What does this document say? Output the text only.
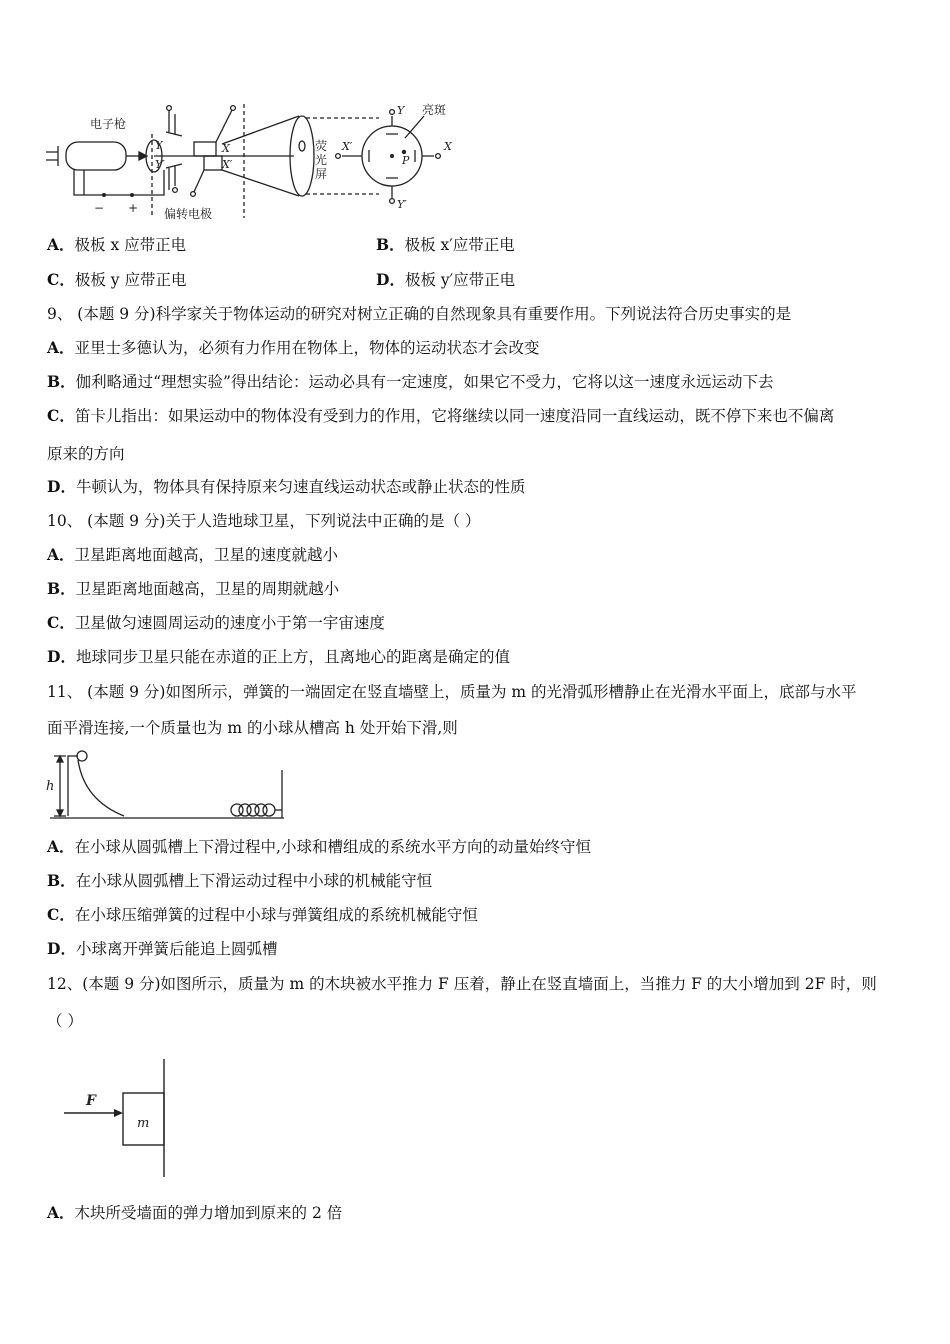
电子枪
偏转电极
荧
光
屏
亮斑
− +
Y
Y′
X
X′
Y
Y′
X
X′
P
A．极板 x 应带正电	B．极板 x′应带正电
C．极板 y 应带正电	D．极板 y′应带正电
9、 (本题 9 分)科学家关于物体运动的研究对树立正确的自然现象具有重要作用。下列说法符合历史事实的是
A．亚里士多德认为，必须有力作用在物体上，物体的运动状态才会改变
B．伽利略通过“理想实验”得出结论：运动必具有一定速度，如果它不受力，它将以这一速度永远运动下去
C．笛卡儿指出：如果运动中的物体没有受到力的作用，它将继续以同一速度沿同一直线运动，既不停下来也不偏离
原来的方向
D．牛顿认为，物体具有保持原来匀速直线运动状态或静止状态的性质
10、 (本题 9 分)关于人造地球卫星，下列说法中正确的是（ ）
A．卫星距离地面越高，卫星的速度就越小
B．卫星距离地面越高，卫星的周期就越小
C．卫星做匀速圆周运动的速度小于第一宇宙速度
D．地球同步卫星只能在赤道的正上方，且离地心的距离是确定的值
11、 (本题 9 分)如图所示，弹簧的一端固定在竖直墙壁上，质量为 m 的光滑弧形槽静止在光滑水平面上，底部与水平
面平滑连接,一个质量也为 m 的小球从槽高 h 处开始下滑,则
h
A．在小球从圆弧槽上下滑过程中,小球和槽组成的系统水平方向的动量始终守恒
B．在小球从圆弧槽上下滑运动过程中小球的机械能守恒
C．在小球压缩弹簧的过程中小球与弹簧组成的系统机械能守恒
D．小球离开弹簧后能追上圆弧槽
12、(本题 9 分)如图所示，质量为 m 的木块被水平推力 F 压着，静止在竖直墙面上，当推力 F 的大小增加到 2F 时，则
（ ）
F
m
A．木块所受墙面的弹力增加到原来的 2 倍
